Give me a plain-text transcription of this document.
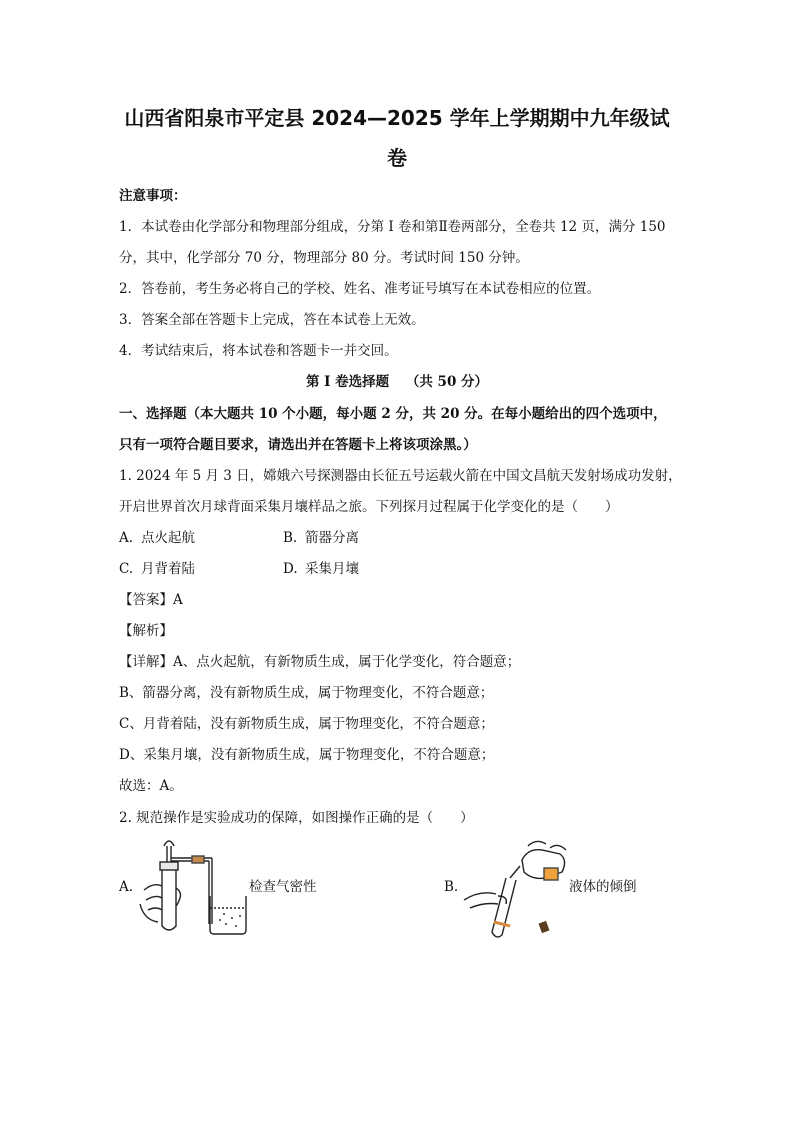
山西省阳泉市平定县 2024—2025 学年上学期期中九年级试
卷
注意事项：
1．本试卷由化学部分和物理部分组成，分第 I 卷和第Ⅱ卷两部分，全卷共 12 页，满分 150
分，其中，化学部分 70 分，物理部分 80 分。考试时间 150 分钟。
2．答卷前，考生务必将自己的学校、姓名、准考证号填写在本试卷相应的位置。
3．答案全部在答题卡上完成，答在本试卷上无效。
4．考试结束后，将本试卷和答题卡一并交回。
第 I 卷选择题 （共 50 分）
一、选择题（本大题共 10 个小题，每小题 2 分，共 20 分。在每小题给出的四个选项中，
只有一项符合题目要求，请选出并在答题卡上将该项涂黑。）
1. 2024 年 5 月 3 日，嫦娥六号探测器由长征五号运载火箭在中国文昌航天发射场成功发射，
开启世界首次月球背面采集月壤样品之旅。下列探月过程属于化学变化的是（　　）
A. 点火起航	B. 箭器分离
C. 月背着陆	D. 采集月壤
【答案】A
【解析】
【详解】A、点火起航，有新物质生成，属于化学变化，符合题意；
B、箭器分离，没有新物质生成，属于物理变化，不符合题意；
C、月背着陆，没有新物质生成，属于物理变化，不符合题意；
D、采集月壤，没有新物质生成，属于物理变化，不符合题意；
故选：A。
2. 规范操作是实验成功的保障，如图操作正确的是（　　）
A.	检查气密性	B.	液体的倾倒
